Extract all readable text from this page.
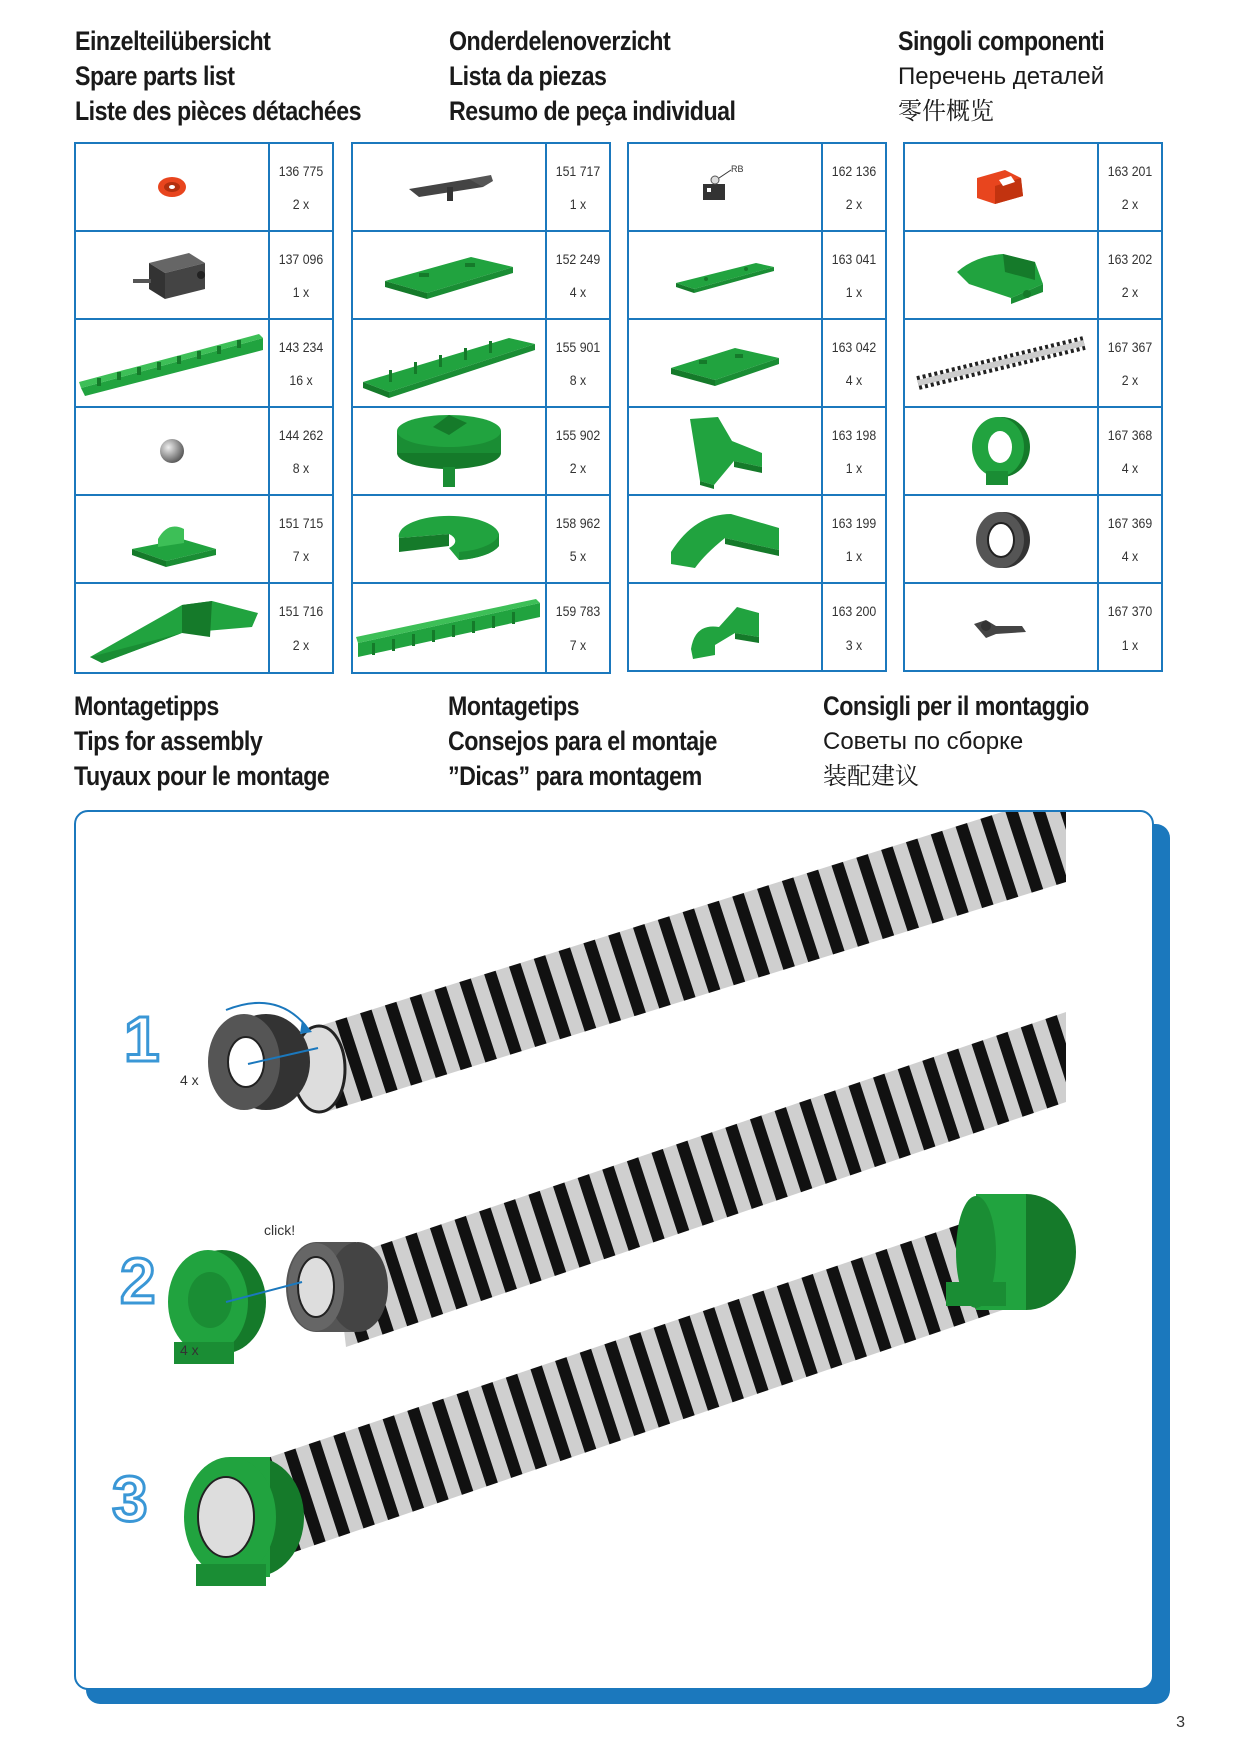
Einzelteilübersicht
Spare parts list
Liste des pièces détachées
Onderdelenoverzicht
Lista da piezas
Resumo de peça individual
Singoli componenti
Перечень деталей
零件概览
136 775
2 x
137 096
1 x
143 234
16 x
144 262
8 x
151 715
7 x
151 716
2 x
151 717
1 x
152 249
4 x
155 901
8 x
155 902
2 x
158 962
5 x
159 783
7 x
RB	162 136
2 x
163 041
1 x
163 042
4 x
163 198
1 x
163 199
1 x
163 200
3 x
163 201
2 x
163 202
2 x
167 367
2 x
167 368
4 x
167 369
4 x
167 370
1 x
Montagetipps
Tips for assembly
Tuyaux pour le montage
Montagetips
Consejos para el montaje
”Dicas” para montagem
Consigli per il montaggio
Советы по сборке
装配建议
1
4 x
2
4 x
click!
3
3
